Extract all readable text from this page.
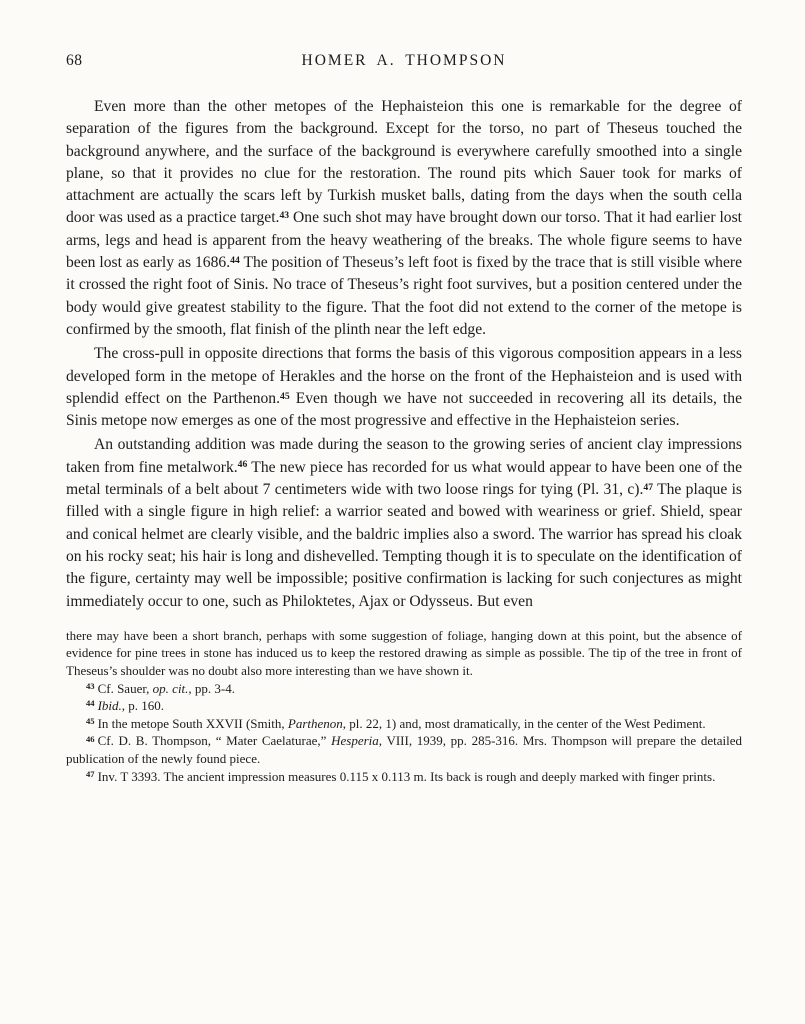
68	HOMER A. THOMPSON

Even more than the other metopes of the Hephaisteion this one is remarkable for the degree of separation of the figures from the background. Except for the torso, no part of Theseus touched the background anywhere, and the surface of the background is everywhere carefully smoothed into a single plane, so that it provides no clue for the restoration. The round pits which Sauer took for marks of attachment are actually the scars left by Turkish musket balls, dating from the days when the south cella door was used as a practice target.$^{43}$ One such shot may have brought down our torso. That it had earlier lost arms, legs and head is apparent from the heavy weathering of the breaks. The whole figure seems to have been lost as early as 1686.44 The position of Theseus’s left foot is fixed by the trace that is still visible where it crossed the right foot of Sinis. No trace of Theseus’s right foot survives, but a position centered under the body would give greatest stability to the figure. That the foot did not extend to the corner of the metope is confirmed by the smooth, flat finish of the plinth near the left edge.

The cross-pull in opposite directions that forms the basis of this vigorous composition appears in a less developed form in the metope of Herakles and the horse on the front of the Hephaisteion and is used with splendid effect on the Parthenon.$^{45}$ Even though we have not succeeded in recovering all its details, the Sinis metope now emerges as one of the most progressive and effective in the Hephaisteion series.

An outstanding addition was made during the season to the growing series of ancient clay impressions taken from fine metalwork.$^{46}$ The new piece has recorded for us what would appear to have been one of the metal terminals of a belt about 7 centimeters wide with two loose rings for tying (Pl. 31, c).$^{47}$ The plaque is filled with a single figure in high relief: a warrior seated and bowed with weariness or grief. Shield, spear and conical helmet are clearly visible, and the baldric implies also a sword. The warrior has spread his cloak on his rocky seat; his hair is long and dishevelled. Tempting though it is to speculate on the identification of the figure, certainty may well be impossible; positive confirmation is lacking for such conjectures as might immediately occur to one, such as Philoktetes, Ajax or Odysseus. But even

there may have been a short branch, perhaps with some suggestion of foliage, hanging down at this point, but the absence of evidence for pine trees in stone has induced us to keep the restored drawing as simple as possible. The tip of the tree in front of Theseus’s shoulder was no doubt also more interesting than we have shown it.

$^{43}$ Cf. Sauer, op. cit., pp. 3-4.

$^{44}$ Ibid., p. 160.

$^{45}$ In the metope South XXVII (Smith, Parthenon, pl. 22, 1) and, most dramatically, in the center of the West Pediment.

$^{46}$ Cf. D. B. Thompson, “ Mater Caelaturae,” Hesperia, VIII, 1939, pp. 285-316. Mrs. Thompson will prepare the detailed publication of the newly found piece.

$^{47}$ Inv. T 3393. The ancient impression measures 0.115 x 0.113 m. Its back is rough and deeply marked with finger prints.
